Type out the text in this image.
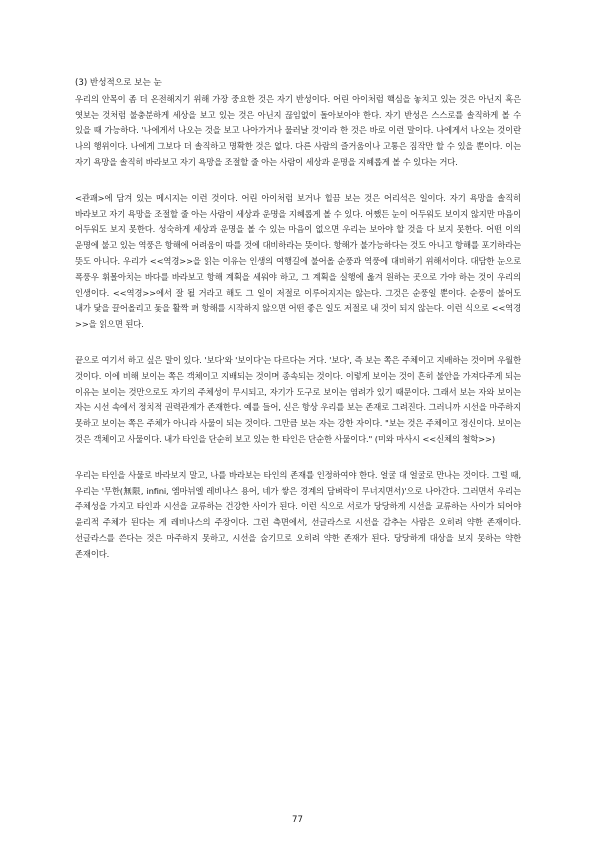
(3) 반성적으로 보는 눈

우리의 안목이 좀 더 온전해지기 위해 가장 중요한 것은 자기 반성이다. 어린 아이처럼 핵심을 놓치고 있는 것은 아닌지 혹은 엿보는 것처럼 불충분하게 세상을 보고 있는 것은 아닌지 끊임없이 돌아보아야 한다. 자기 반성은 스스로를 솔직하게 볼 수 있을 때 가능하다. '나에게서 나오는 것을 보고 나아가거나 물러날 것'이라 한 것은 바로 이런 말이다. 나에게서 나오는 것이란 나의 행위이다. 나에게 그보다 더 솔직하고 명확한 것은 없다. 다른 사람의 즐거움이나 고통은 짐작만 할 수 있을 뿐이다. 이는 자기 욕망을 솔직히 바라보고 자기 욕망을 조절할 줄 아는 사람이 세상과 운명을 지혜롭게 볼 수 있다는 거다.

<관괘>에 담겨 있는 메시지는 이런 것이다. 어린 아이처럼 보거나 힐끔 보는 것은 어리석은 일이다. 자기 욕망을 솔직히 바라보고 자기 욕망을 조절할 줄 아는 사람이 세상과 운명을 지혜롭게 볼 수 있다. 어쨌든 눈이 어두워도 보이지 않지만 마음이 어두워도 보지 못한다. 성숙하게 세상과 운명을 볼 수 있는 마음이 없으면 우리는 보아야 할 것을 다 보지 못한다. 어떤 이의 운명에 불고 있는 역풍은 항해에 어려움이 따를 것에 대비하라는 뜻이다. 항해가 불가능하다는 것도 아니고 항해를 포기하라는 뜻도 아니다. 우리가 <<역경>>을 읽는 이유는 인생의 여행길에 불어올 순풍과 역풍에 대비하기 위해서이다. 대담한 눈으로 폭풍우 휘몰아치는 바다를 바라보고 항해 계획을 세워야 하고, 그 계획을 실행에 옮겨 원하는 곳으로 가야 하는 것이 우리의 인생이다. <<역경>>에서 잘 될 거라고 해도 그 일이 저절로 이루어지지는 않는다. 그것은 순풍일 뿐이다. 순풍이 불어도 내가 닻을 끌어올리고 돛을 활짝 펴 항해를 시작하지 않으면 어떤 좋은 일도 저절로 내 것이 되지 않는다. 이런 식으로 <<역경>>을 읽으면 된다.

끝으로 여기서 하고 싶은 말이 있다. '보다'와 '보이다'는 다르다는 거다. '보다', 즉 보는 쪽은 주체이고 지배하는 것이며 우월한 것이다. 이에 비해 보이는 쪽은 객체이고 지배되는 것이며 종속되는 것이다. 이렇게 보이는 것이 흔히 불안을 가져다주게 되는 이유는 보이는 것만으로도 자기의 주체성이 무시되고, 자기가 도구로 보이는 염려가 있기 때문이다. 그래서 보는 자와 보이는 자는 시선 속에서 정치적 권력관계가 존재한다. 예를 들어, 신은 항상 우리를 보는 존재로 그려진다. 그러니까 시선을 마주하지 못하고 보이는 쪽은 주체가 아니라 사물이 되는 것이다. 그만큼 보는 자는 강한 자이다. "보는 것은 주체이고 정신이다. 보이는 것은 객체이고 사물이다. 내가 타인을 단순히 보고 있는 한 타인은 단순한 사물이다." (미와 마사시 <<신체의 철학>>)

우리는 타인을 사물로 바라보지 말고, 나를 바라보는 타인의 존재를 인정하여야 한다. 얼굴 대 얼굴로 만나는 것이다. 그럴 때, 우리는 '무한(無限, infini, 엠마뉘엘 레비나스 용어, 네가 쌓은 경계의 담벼락이 무너지면서)'으로 나아간다. 그러면서 우리는 주체성을 가지고 타인과 시선을 교류하는 건강한 사이가 된다. 이런 식으로 서로가 당당하게 시선을 교류하는 사이가 되어야 윤리적 주체가 된다는 게 레비나스의 주장이다. 그런 측면에서, 선글라스로 시선을 감추는 사람은 오히려 약한 존재이다. 선글라스를 쓴다는 것은 마주하지 못하고, 시선을 숨기므로 오히려 약한 존재가 된다. 당당하게 대상을 보지 못하는 약한 존재이다.

77
